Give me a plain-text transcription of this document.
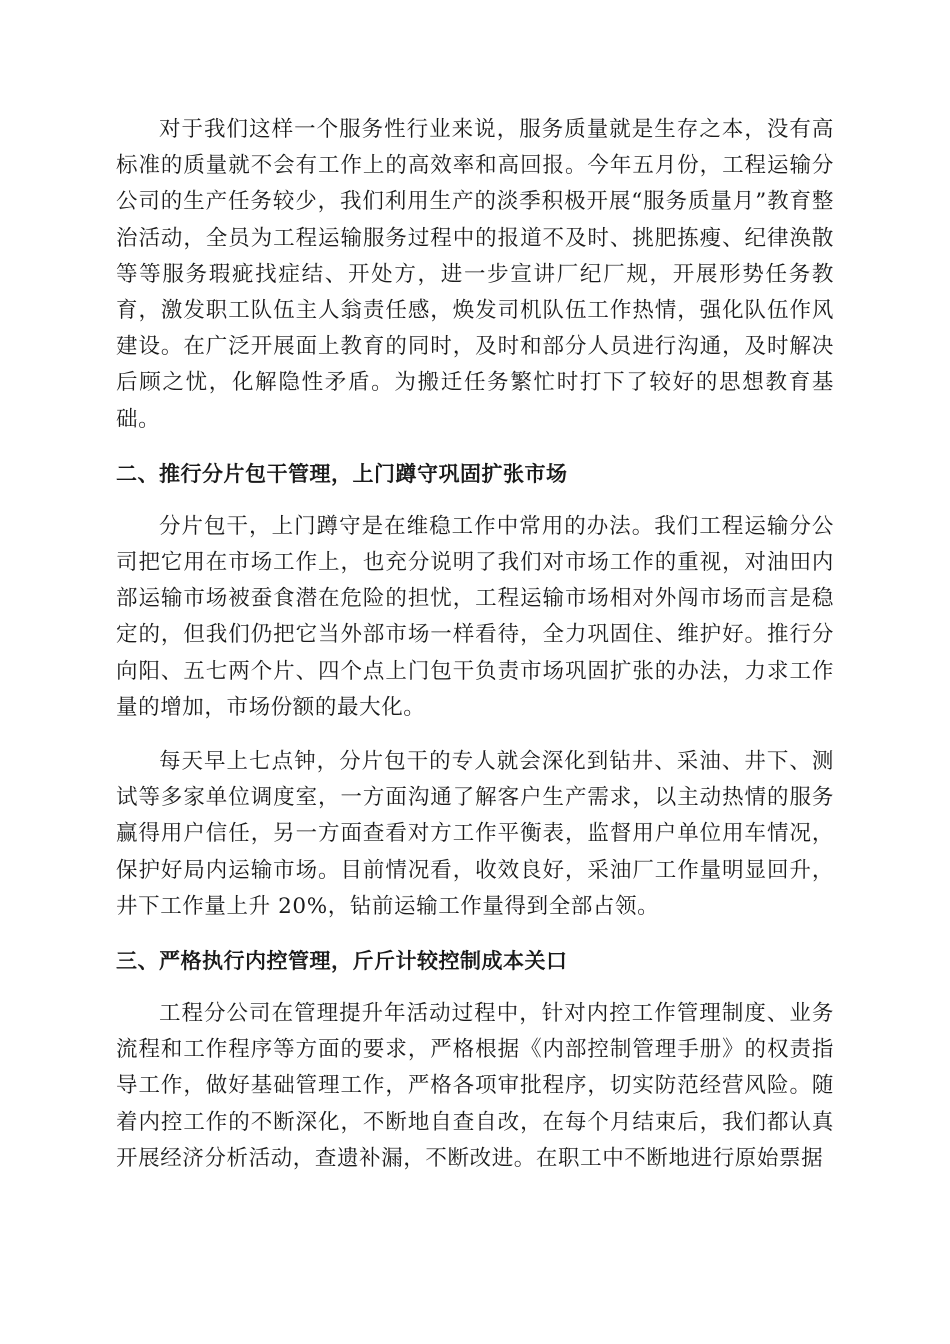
对于我们这样一个服务性行业来说，服务质量就是生存之本，没有高标准的质量就不会有工作上的高效率和高回报。今年五月份，工程运输分公司的生产任务较少，我们利用生产的淡季积极开展“服务质量月”教育整治活动，全员为工程运输服务过程中的报道不及时、挑肥拣瘦、纪律涣散等等服务瑕疵找症结、开处方，进一步宣讲厂纪厂规，开展形势任务教育，激发职工队伍主人翁责任感，焕发司机队伍工作热情，强化队伍作风建设。在广泛开展面上教育的同时，及时和部分人员进行沟通，及时解决后顾之忧，化解隐性矛盾。为搬迁任务繁忙时打下了较好的思想教育基础。

二、推行分片包干管理，上门蹲守巩固扩张市场

分片包干，上门蹲守是在维稳工作中常用的办法。我们工程运输分公司把它用在市场工作上，也充分说明了我们对市场工作的重视，对油田内部运输市场被蚕食潜在危险的担忧，工程运输市场相对外闯市场而言是稳定的，但我们仍把它当外部市场一样看待，全力巩固住、维护好。推行分向阳、五七两个片、四个点上门包干负责市场巩固扩张的办法，力求工作量的增加，市场份额的最大化。

每天早上七点钟，分片包干的专人就会深化到钻井、采油、井下、测试等多家单位调度室，一方面沟通了解客户生产需求，以主动热情的服务赢得用户信任，另一方面查看对方工作平衡表，监督用户单位用车情况，保护好局内运输市场。目前情况看，收效良好，采油厂工作量明显回升，井下工作量上升 20%，钻前运输工作量得到全部占领。

三、严格执行内控管理，斤斤计较控制成本关口

工程分公司在管理提升年活动过程中，针对内控工作管理制度、业务流程和工作程序等方面的要求，严格根据《内部控制管理手册》的权责指导工作，做好基础管理工作，严格各项审批程序，切实防范经营风险。随着内控工作的不断深化，不断地自查自改，在每个月结束后，我们都认真开展经济分析活动，查遗补漏，不断改进。在职工中不断地进行原始票据
